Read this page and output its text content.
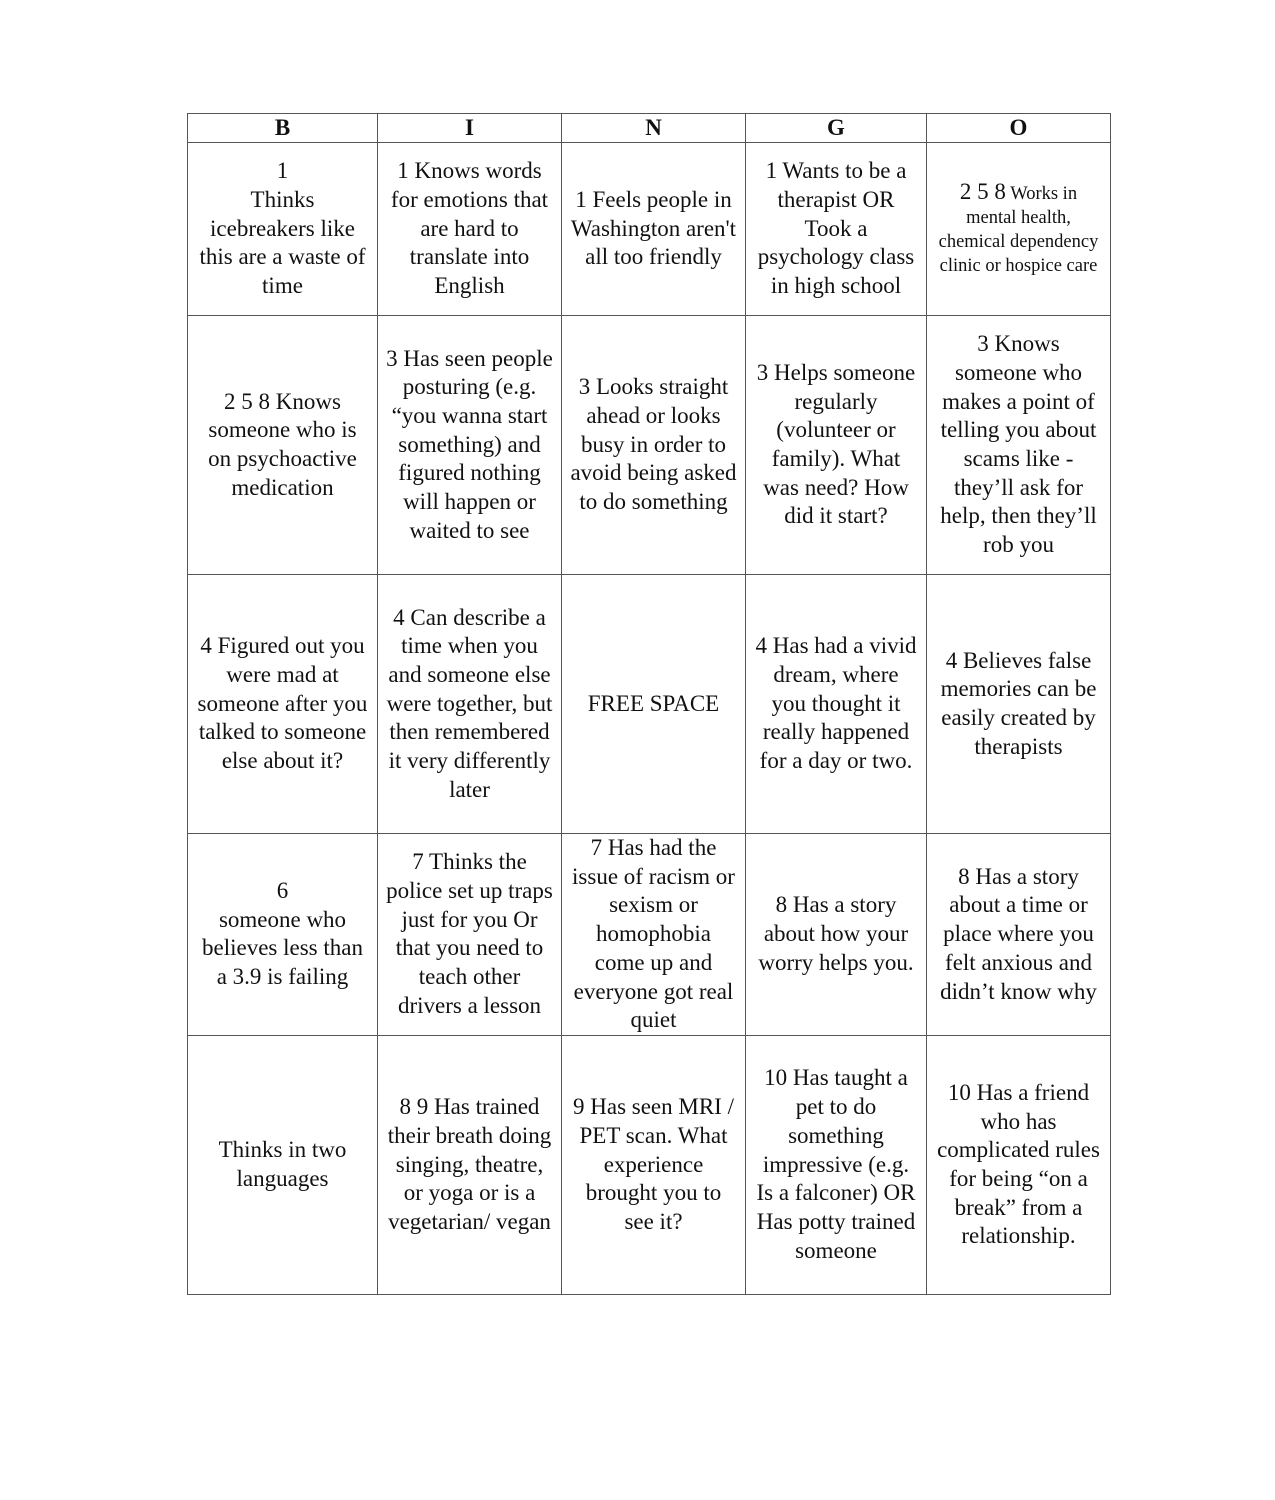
B	I	N	G	O
1
Thinks icebreakers like this are a waste of time	1 Knows words for emotions that are hard to translate into English	1 Feels people in Washington aren't all too friendly	1 Wants to be a therapist OR Took a psychology class in high school	2 5 8 Works in mental health, chemical dependency clinic or hospice care
2 5 8 Knows someone who is on psychoactive medication	3 Has seen people posturing (e.g. “you wanna start something) and figured nothing will happen or waited to see	3 Looks straight ahead or looks busy in order to avoid being asked to do something	3 Helps someone regularly (volunteer or family). What was need? How did it start?	3 Knows someone who makes a point of telling you about scams like - they’ll ask for help, then they’ll rob you
4 Figured out you were mad at someone after you talked to someone else about it?	4 Can describe a time when you and someone else were together, but then remembered it very differently later	FREE SPACE	4 Has had a vivid dream, where you thought it really happened for a day or two.	4 Believes false memories can be easily created by therapists
6
someone who believes less than a 3.9 is failing	7 Thinks the police set up traps just for you Or that you need to teach other drivers a lesson	7 Has had the issue of racism or sexism or homophobia come up and everyone got real quiet	8 Has a story about how your worry helps you.	8 Has a story about a time or place where you felt anxious and didn’t know why
Thinks in two languages	8 9 Has trained their breath doing singing, theatre, or yoga or is a vegetarian/ vegan	9 Has seen MRI / PET scan. What experience brought you to see it?	10 Has taught a pet to do something impressive (e.g. Is a falconer) OR Has potty trained someone	10 Has a friend who has complicated rules for being “on a break” from a relationship.
